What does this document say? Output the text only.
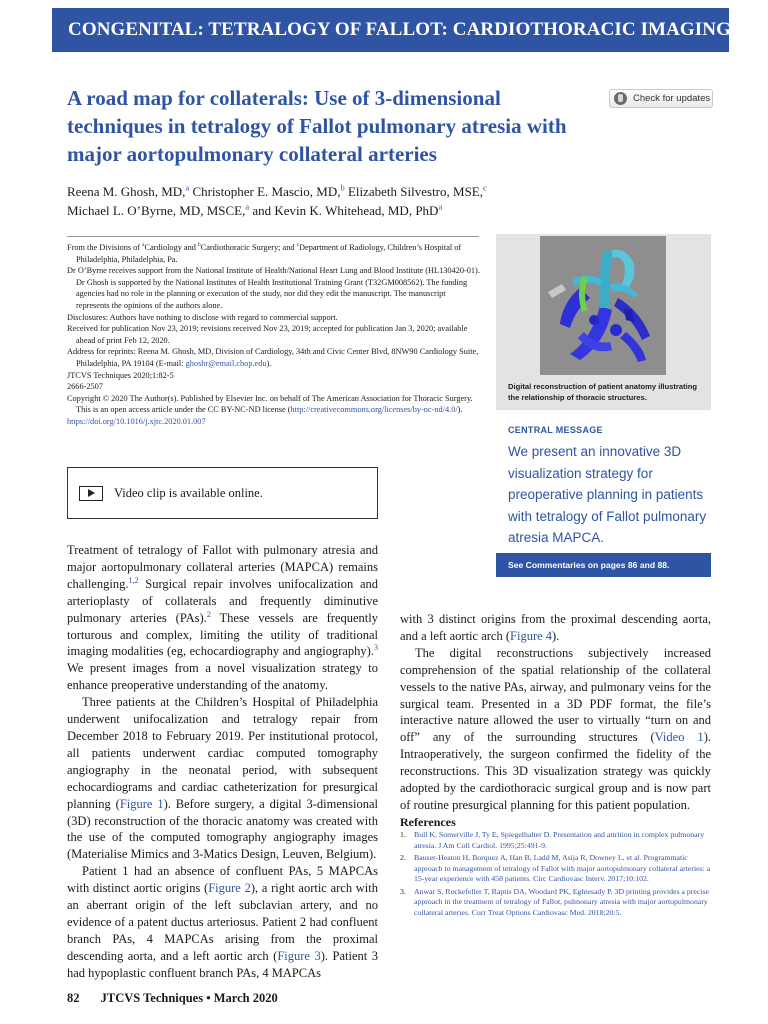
CONGENITAL: TETRALOGY OF FALLOT: CARDIOTHORACIC IMAGING
A road map for collaterals: Use of 3-dimensional techniques in tetralogy of Fallot pulmonary atresia with major aortopulmonary collateral arteries
Check for updates
Reena M. Ghosh, MD,$^a$ Christopher E. Mascio, MD,$^b$ Elizabeth Silvestro, MSE,$^c$
Michael L. O’Byrne, MD, MSCE,$^a$ and Kevin K. Whitehead, MD, PhD$^a$
From the Divisions of $^a$Cardiology and $^b$Cardiothoracic Surgery; and $^c$Department of Radiology, Children’s Hospital of Philadelphia, Philadelphia, Pa.
Dr O’Byrne receives support from the National Institute of Health/National Heart Lung and Blood Institute (HL130420-01). Dr Ghosh is supported by the National Institutes of Health Institutional Training Grant (T32GM008562). The funding agencies had no role in the planning or execution of the study, nor did they edit the manuscript. The manuscript represents the opinions of the authors alone.
Disclosures: Authors have nothing to disclose with regard to commercial support.
Received for publication Nov 23, 2019; revisions received Nov 23, 2019; accepted for publication Jan 3, 2020; available ahead of print Feb 12, 2020.
Address for reprints: Reena M. Ghosh, MD, Division of Cardiology, 34th and Civic Center Blvd, 8NW90 Cardiology Suite, Philadelphia, PA 19104 (E-mail: ghoshr@email.chop.edu).
JTCVS Techniques 2020;1:82-5
2666-2507
Copyright © 2020 The Author(s). Published by Elsevier Inc. on behalf of The American Association for Thoracic Surgery. This is an open access article under the CC BY-NC-ND license (http://creativecommons.org/licenses/by-nc-nd/4.0/).
https://doi.org/10.1016/j.xjtc.2020.01.007
Video clip is available online.

Treatment of tetralogy of Fallot with pulmonary atresia and major aortopulmonary collateral arteries (MAPCA) remains challenging.$^{1,2}$ Surgical repair involves unifocalization and arterioplasty of collaterals and frequently diminutive pulmonary arteries (PAs).$^2$ These vessels are frequently torturous and complex, limiting the utility of traditional imaging modalities (eg, echocardiography and angiography).$^3$ We present images from a novel visualization strategy to enhance preoperative understanding of the anatomy.

Three patients at the Children’s Hospital of Philadelphia underwent unifocalization and tetralogy repair from December 2018 to February 2019. Per institutional protocol, all patients underwent cardiac computed tomography angiography in the neonatal period, with subsequent echocardiograms and cardiac catheterization for presurgical planning (Figure 1). Before surgery, a digital 3-dimensional (3D) reconstruction of the thoracic anatomy was created with the use of the computed tomography angiography images (Materialise Mimics and 3-Matics Design, Leuven, Belgium).

Patient 1 had an absence of confluent PAs, 5 MAPCAs with distinct aortic origins (Figure 2), a right aortic arch with an aberrant origin of the left subclavian artery, and no evidence of a patent ductus arteriosus. Patient 2 had confluent branch PAs, 4 MAPCAs arising from the proximal descending aorta, and a left aortic arch (Figure 3). Patient 3 had hypoplastic confluent branch PAs, 4 MAPCAs

Digital reconstruction of patient anatomy illustrating the relationship of thoracic structures.
CENTRAL MESSAGE
We present an innovative 3D visualization strategy for preoperative planning in patients with tetralogy of Fallot pulmonary atresia MAPCA.
See Commentaries on pages 86 and 88.

with 3 distinct origins from the proximal descending aorta, and a left aortic arch (Figure 4).

The digital reconstructions subjectively increased comprehension of the spatial relationship of the collateral vessels to the native PAs, airway, and pulmonary veins for the surgical team. Presented in a 3D PDF format, the file’s interactive nature allowed the user to virtually “turn on and off” any of the surrounding structures (Video 1). Intraoperatively, the surgeon confirmed the fidelity of the reconstructions. This 3D visualization strategy was quickly adopted by the cardiothoracic surgical group and is now part of routine presurgical planning for this patient population.

References
1.	Bull K, Somerville J, Ty E, Spiegelhalter D. Presentation and attrition in complex pulmonary atresia. J Am Coll Cardiol. 1995;25:491-9.
2.	Bauser-Heaton H, Borquez A, Han B, Ladd M, Asija R, Downey L, et al. Programmatic approach to management of tetralogy of Fallot with major aortopulmonary collateral arteries: a 15-year experience with 458 patients. Circ Cardiovasc Interv. 2017;10:102.
3.	Anwar S, Rockefeller T, Raptis DA, Woodard PK, Eghtesady P. 3D printing provides a precise approach in the treatment of tetralogy of Fallot, pulmonary atresia with major aortopulmonary collateral arteries. Curr Treat Options Cardiovasc Med. 2018;20:5.
82 JTCVS Techniques • March 2020
